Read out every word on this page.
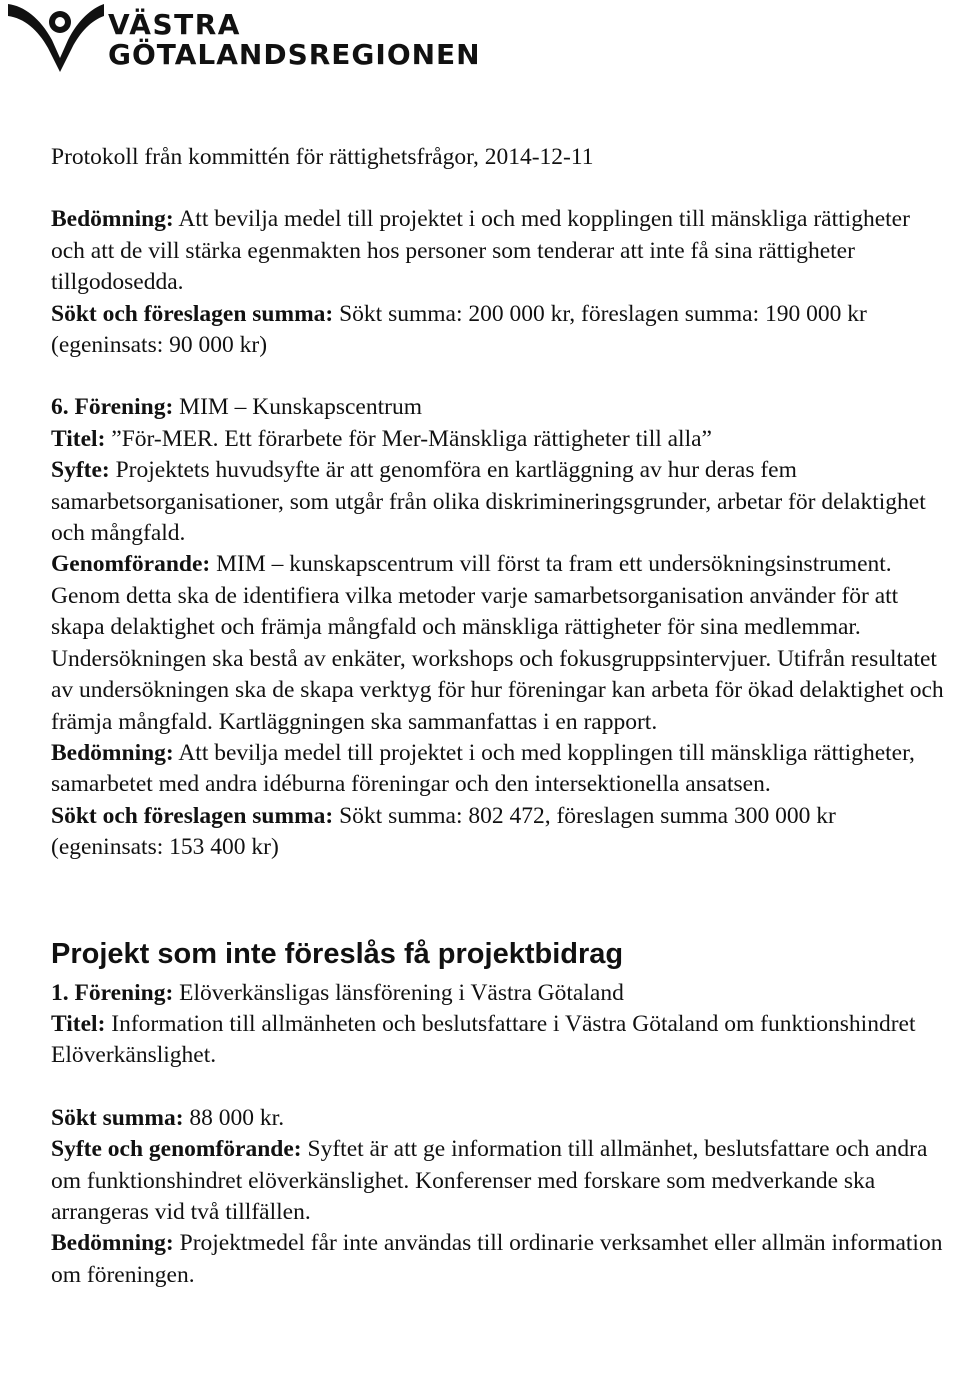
VÄSTRA
GÖTALANDSREGIONEN

Protokoll från kommittén för rättighetsfrågor, 2014-12-11

Bedömning: Att bevilja medel till projektet i och med kopplingen till mänskliga rättigheter och att de vill stärka egenmakten hos personer som tenderar att inte få sina rättigheter tillgodosedda.

Sökt och föreslagen summa: Sökt summa: 200 000 kr, föreslagen summa: 190 000 kr (egeninsats: 90 000 kr)

6. Förening: MIM – Kunskapscentrum

Titel: ”För-MER. Ett förarbete för Mer-Mänskliga rättigheter till alla”

Syfte: Projektets huvudsyfte är att genomföra en kartläggning av hur deras fem samarbetsorganisationer, som utgår från olika diskrimineringsgrunder, arbetar för delaktighet och mångfald.

Genomförande: MIM – kunskapscentrum vill först ta fram ett undersökningsinstrument. Genom detta ska de identifiera vilka metoder varje samarbetsorganisation använder för att skapa delaktighet och främja mångfald och mänskliga rättigheter för sina medlemmar. Undersökningen ska bestå av enkäter, workshops och fokusgruppsintervjuer. Utifrån resultatet av undersökningen ska de skapa verktyg för hur föreningar kan arbeta för ökad delaktighet och främja mångfald. Kartläggningen ska sammanfattas i en rapport.

Bedömning: Att bevilja medel till projektet i och med kopplingen till mänskliga rättigheter, samarbetet med andra idéburna föreningar och den intersektionella ansatsen.

Sökt och föreslagen summa: Sökt summa: 802 472, föreslagen summa 300 000 kr (egeninsats: 153 400 kr)

Projekt som inte föreslås få projektbidrag

1. Förening: Elöverkänsligas länsförening i Västra Götaland

Titel: Information till allmänheten och beslutsfattare i Västra Götaland om funktionshindret Elöverkänslighet.

Sökt summa: 88 000 kr.

Syfte och genomförande: Syftet är att ge information till allmänhet, beslutsfattare och andra om funktionshindret elöverkänslighet. Konferenser med forskare som medverkande ska arrangeras vid två tillfällen.

Bedömning: Projektmedel får inte användas till ordinarie verksamhet eller allmän information om föreningen.
